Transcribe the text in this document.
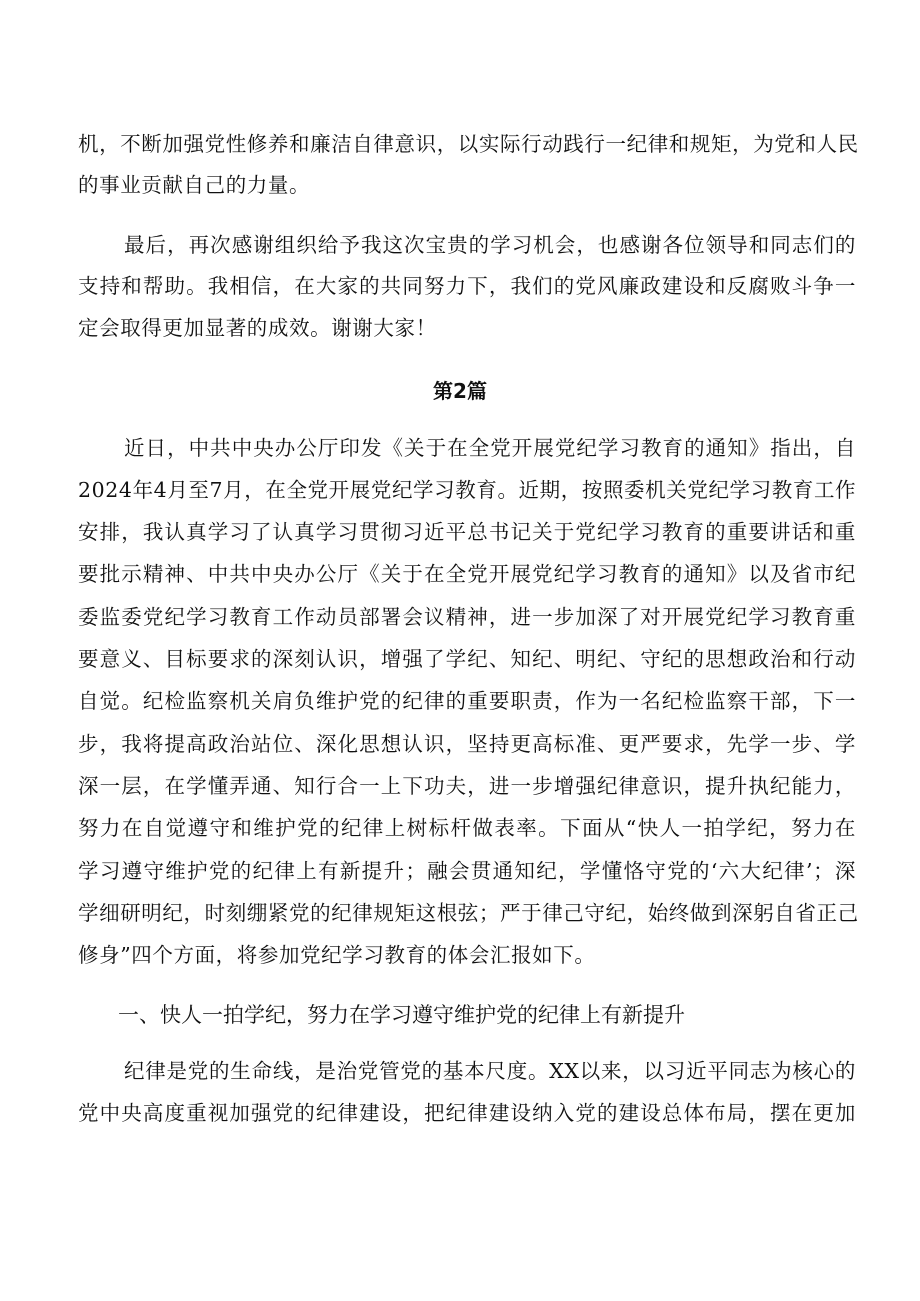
机，不断加强党性修养和廉洁自律意识，以实际行动践行一纪律和规矩，为党和人民
的事业贡献自己的力量。
最后，再次感谢组织给予我这次宝贵的学习机会，也感谢各位领导和同志们的
支持和帮助。我相信，在大家的共同努力下，我们的党风廉政建设和反腐败斗争一
定会取得更加显著的成效。谢谢大家！
第2篇
近日，中共中央办公厅印发《关于在全党开展党纪学习教育的通知》指出，自
2024年4月至7月，在全党开展党纪学习教育。近期，按照委机关党纪学习教育工作
安排，我认真学习了认真学习贯彻习近平总书记关于党纪学习教育的重要讲话和重
要批示精神、中共中央办公厅《关于在全党开展党纪学习教育的通知》以及省市纪
委监委党纪学习教育工作动员部署会议精神，进一步加深了对开展党纪学习教育重
要意义、目标要求的深刻认识，增强了学纪、知纪、明纪、守纪的思想政治和行动
自觉。纪检监察机关肩负维护党的纪律的重要职责，作为一名纪检监察干部，下一
步，我将提高政治站位、深化思想认识，坚持更高标准、更严要求，先学一步、学
深一层，在学懂弄通、知行合一上下功夫，进一步增强纪律意识，提升执纪能力，
努力在自觉遵守和维护党的纪律上树标杆做表率。下面从“快人一拍学纪，努力在
学习遵守维护党的纪律上有新提升；融会贯通知纪，学懂恪守党的‘六大纪律’；深
学细研明纪，时刻绷紧党的纪律规矩这根弦；严于律己守纪，始终做到深躬自省正己
修身”四个方面，将参加党纪学习教育的体会汇报如下。
一、快人一拍学纪，努力在学习遵守维护党的纪律上有新提升
纪律是党的生命线，是治党管党的基本尺度。XX以来，以习近平同志为核心的
党中央高度重视加强党的纪律建设，把纪律建设纳入党的建设总体布局，摆在更加
